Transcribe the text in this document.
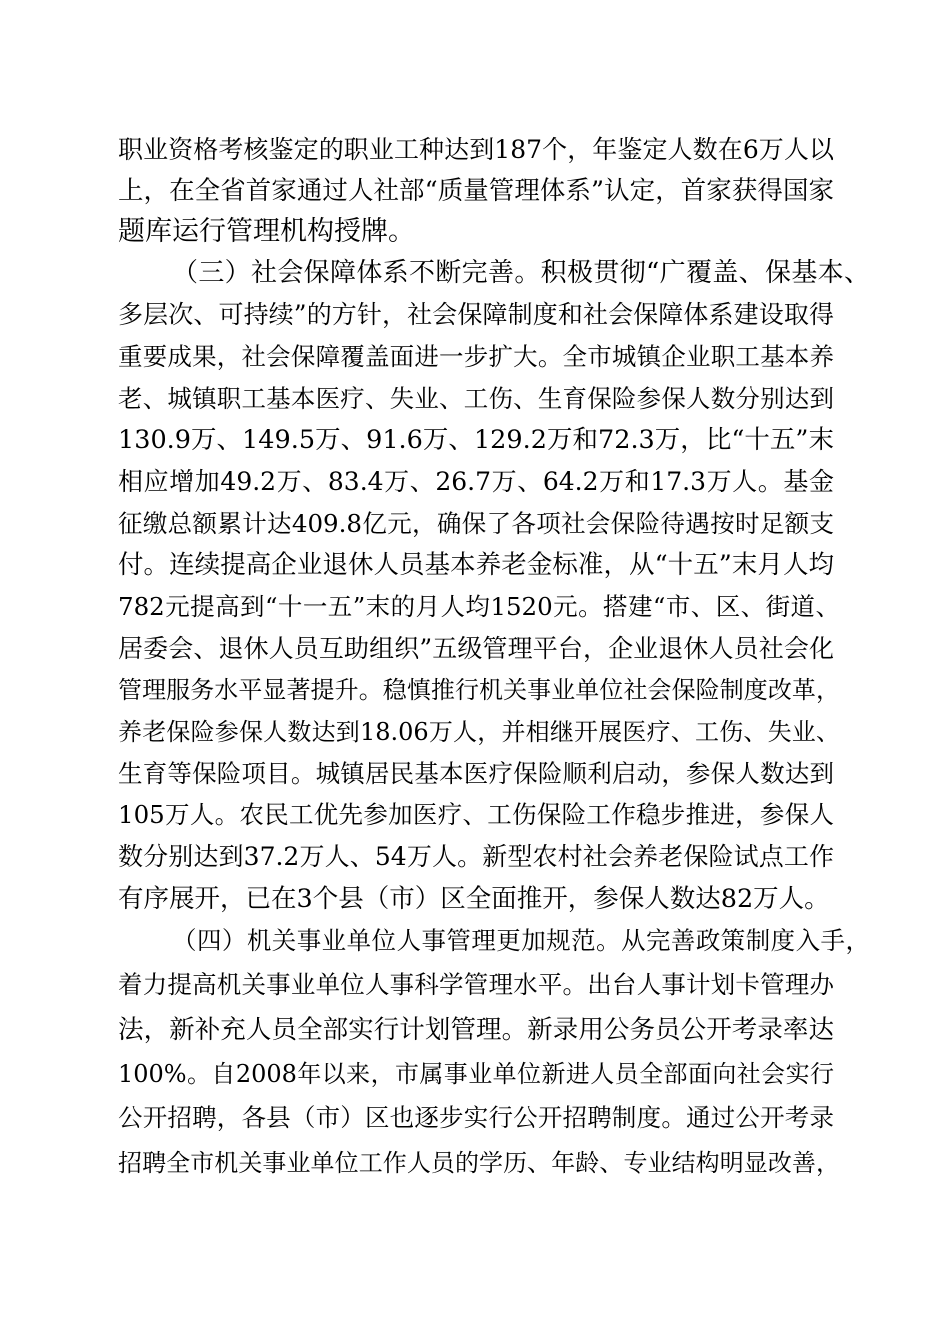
职业资格考核鉴定的职业工种达到187个，年鉴定人数在6万人以
上，在全省首家通过人社部“质量管理体系”认定，首家获得国家
题库运行管理机构授牌。
（三）社会保障体系不断完善。积极贯彻“广覆盖、保基本、
多层次、可持续”的方针，社会保障制度和社会保障体系建设取得
重要成果，社会保障覆盖面进一步扩大。全市城镇企业职工基本养
老、城镇职工基本医疗、失业、工伤、生育保险参保人数分别达到
130.9万、149.5万、91.6万、129.2万和72.3万，比“十五”末
相应增加49.2万、83.4万、26.7万、64.2万和17.3万人。基金
征缴总额累计达409.8亿元，确保了各项社会保险待遇按时足额支
付。连续提高企业退休人员基本养老金标准，从“十五”末月人均
782元提高到“十一五”末的月人均1520元。搭建“市、区、街道、
居委会、退休人员互助组织”五级管理平台，企业退休人员社会化
管理服务水平显著提升。稳慎推行机关事业单位社会保险制度改革，
养老保险参保人数达到18.06万人，并相继开展医疗、工伤、失业、
生育等保险项目。城镇居民基本医疗保险顺利启动，参保人数达到
105万人。农民工优先参加医疗、工伤保险工作稳步推进，参保人
数分别达到37.2万人、54万人。新型农村社会养老保险试点工作
有序展开，已在3个县（市）区全面推开，参保人数达82万人。
（四）机关事业单位人事管理更加规范。从完善政策制度入手，
着力提高机关事业单位人事科学管理水平。出台人事计划卡管理办
法，新补充人员全部实行计划管理。新录用公务员公开考录率达
100%。自2008年以来，市属事业单位新进人员全部面向社会实行
公开招聘，各县（市）区也逐步实行公开招聘制度。通过公开考录
招聘全市机关事业单位工作人员的学历、年龄、专业结构明显改善，
